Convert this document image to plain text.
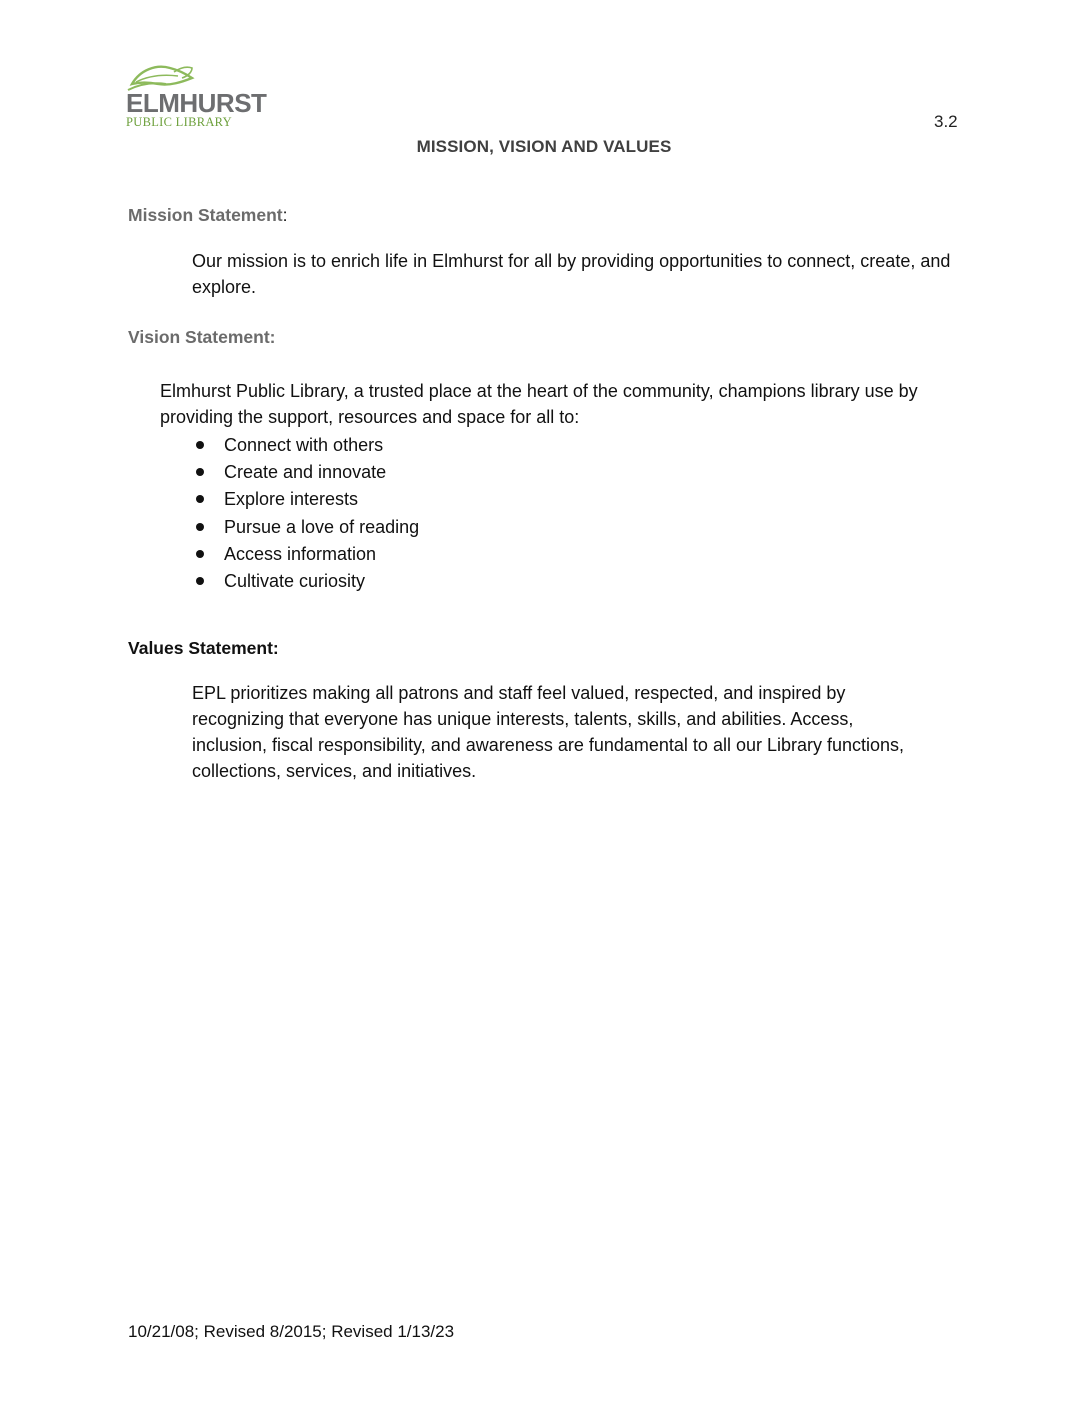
ELMHURST
PUBLIC LIBRARY	3.2
MISSION, VISION AND VALUES
Mission Statement:
Our mission is to enrich life in Elmhurst for all by providing opportunities to connect, create, and explore.
Vision Statement:
Elmhurst Public Library, a trusted place at the heart of the community, champions library use by providing the support, resources and space for all to:
Connect with others
Create and innovate
Explore interests
Pursue a love of reading
Access information
Cultivate curiosity
Values Statement:
EPL prioritizes making all patrons and staff feel valued, respected, and inspired by recognizing that everyone has unique interests, talents, skills, and abilities. Access, inclusion, fiscal responsibility, and awareness are fundamental to all our Library functions, collections, services, and initiatives.
10/21/08; Revised 8/2015; Revised 1/13/23
